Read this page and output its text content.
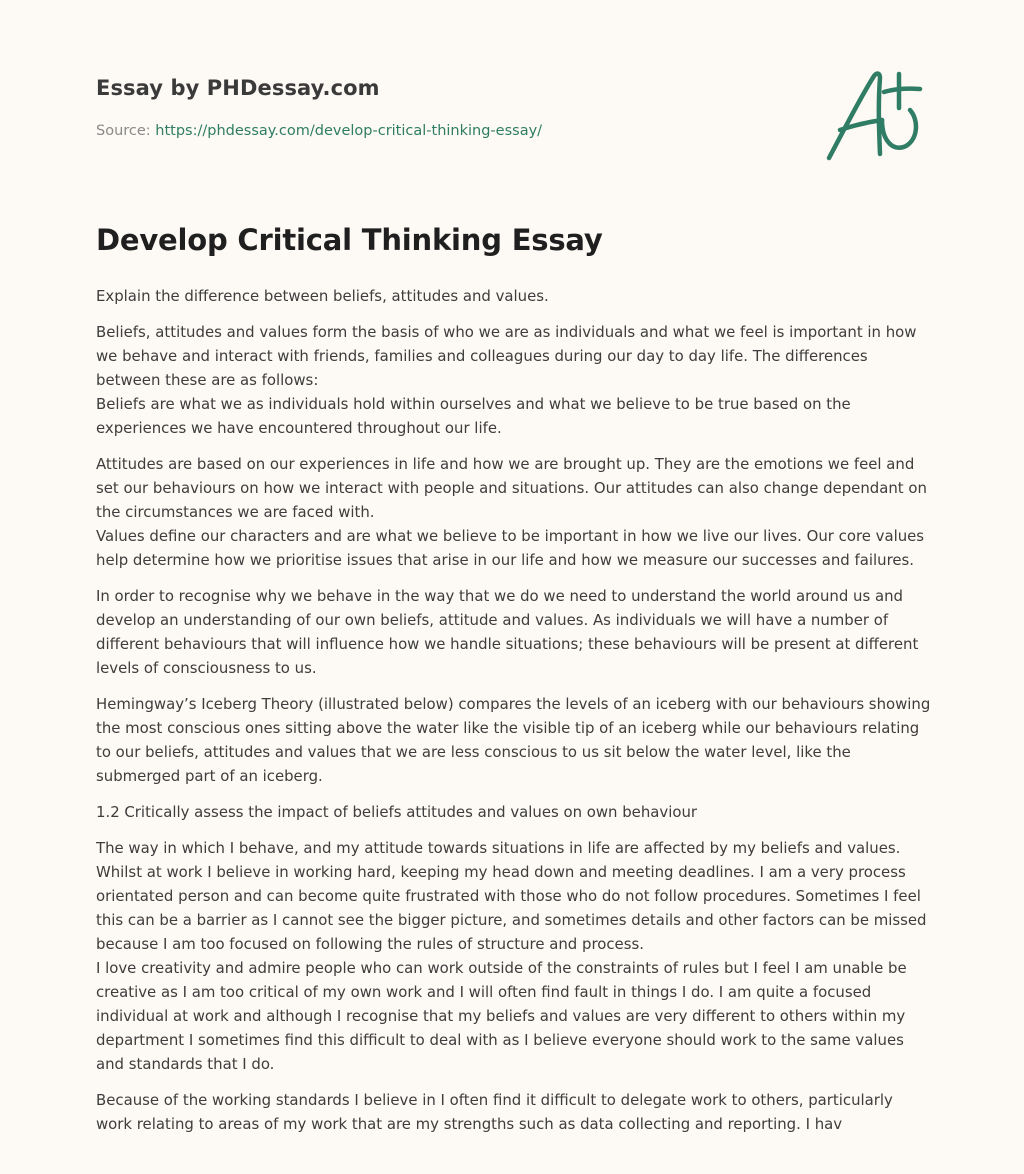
Essay by PHDessay.com
Source: https://phdessay.com/develop-critical-thinking-essay/
Develop Critical Thinking Essay

Explain the difference between beliefs, attitudes and values.

Beliefs, attitudes and values form the basis of who we are as individuals and what we feel is important in how we behave and interact with friends, families and colleagues during our day to day life. The differences between these are as follows:
Beliefs are what we as individuals hold within ourselves and what we believe to be true based on the experiences we have encountered throughout our life.

Attitudes are based on our experiences in life and how we are brought up. They are the emotions we feel and set our behaviours on how we interact with people and situations. Our attitudes can also change dependant on the circumstances we are faced with.
Values define our characters and are what we believe to be important in how we live our lives. Our core values help determine how we prioritise issues that arise in our life and how we measure our successes and failures.

In order to recognise why we behave in the way that we do we need to understand the world around us and develop an understanding of our own beliefs, attitude and values. As individuals we will have a number of different behaviours that will influence how we handle situations; these behaviours will be present at different levels of consciousness to us.

Hemingway’s Iceberg Theory (illustrated below) compares the levels of an iceberg with our behaviours showing the most conscious ones sitting above the water like the visible tip of an iceberg while our behaviours relating to our beliefs, attitudes and values that we are less conscious to us sit below the water level, like the submerged part of an iceberg.

1.2 Critically assess the impact of beliefs attitudes and values on own behaviour

The way in which I behave, and my attitude towards situations in life are affected by my beliefs and values. Whilst at work I believe in working hard, keeping my head down and meeting deadlines. I am a very process orientated person and can become quite frustrated with those who do not follow procedures. Sometimes I feel this can be a barrier as I cannot see the bigger picture, and sometimes details and other factors can be missed because I am too focused on following the rules of structure and process.
I love creativity and admire people who can work outside of the constraints of rules but I feel I am unable be creative as I am too critical of my own work and I will often find fault in things I do. I am quite a focused individual at work and although I recognise that my beliefs and values are very different to others within my department I sometimes find this difficult to deal with as I believe everyone should work to the same values and standards that I do.

Because of the working standards I believe in I often find it difficult to delegate work to others, particularly work relating to areas of my work that are my strengths such as data collecting and reporting. I hav
